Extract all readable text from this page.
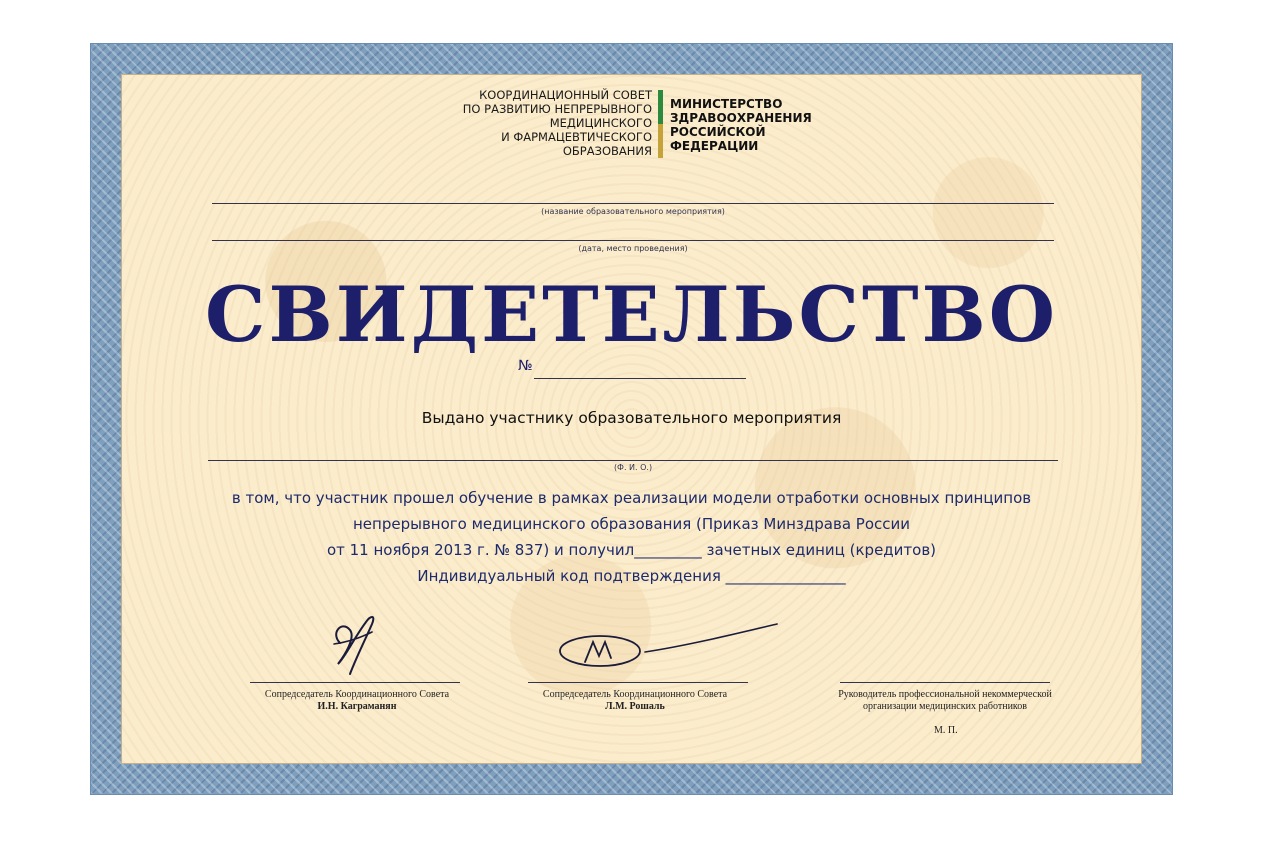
КООРДИНАЦИОННЫЙ СОВЕТ
ПО РАЗВИТИЮ НЕПРЕРЫВНОГО
МЕДИЦИНСКОГО
И ФАРМАЦЕВТИЧЕСКОГО
ОБРАЗОВАНИЯ
МИНИСТЕРСТВО
ЗДРАВООХРАНЕНИЯ
РОССИЙСКОЙ
ФЕДЕРАЦИИ
(название образовательного мероприятия)
(дата, место проведения)
СВИДЕТЕЛЬСТВО
№
Выдано участнику образовательного мероприятия
(Ф. И. О.)
в том, что участник прошел обучение в рамках реализации модели отработки основных принципов
непрерывного медицинского образования (Приказ Минздрава России
от 11 ноября 2013 г. № 837) и получил_________ зачетных единиц (кредитов)
Индивидуальный код подтверждения ________________
Сопредседатель Координационного Совета
И.Н. Каграманян
Сопредседатель Координационного Совета
Л.М. Рошаль
Руководитель профессиональной некоммерческой
организации медицинских работников
М. П.
